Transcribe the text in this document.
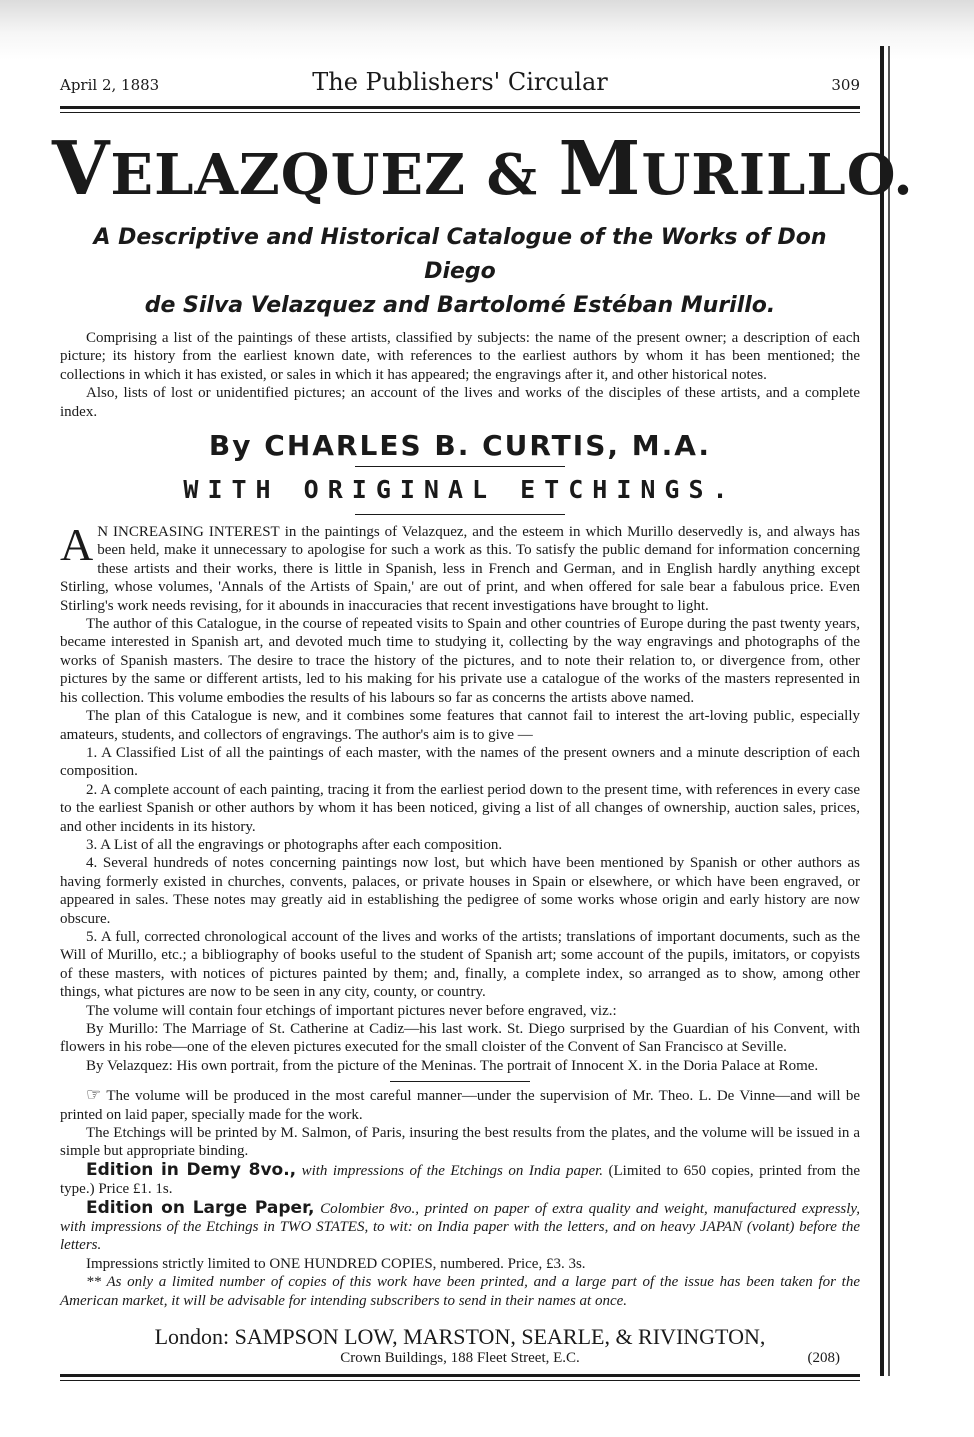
April 2, 1883	The Publishers' Circular	309
VELAZQUEZ & MURILLO.
A Descriptive and Historical Catalogue of the Works of Don Diego
de Silva Velazquez and Bartolomé Estéban Murillo.

Comprising a list of the paintings of these artists, classified by subjects: the name of the present owner; a description of each picture; its history from the earliest known date, with references to the earliest authors by whom it has been mentioned; the collections in which it has existed, or sales in which it has appeared; the engravings after it, and other historical notes.

Also, lists of lost or unidentified pictures; an account of the lives and works of the disciples of these artists, and a complete index.

By CHARLES B. CURTIS, M.A.
WITH ORIGINAL ETCHINGS.

A N INCREASING INTEREST in the paintings of Velazquez, and the esteem in which Murillo deservedly is, and always has been held, make it unnecessary to apologise for such a work as this. To satisfy the public demand for information concerning these artists and their works, there is little in Spanish, less in French and German, and in English hardly anything except Stirling, whose volumes, 'Annals of the Artists of Spain,' are out of print, and when offered for sale bear a fabulous price. Even Stirling's work needs revising, for it abounds in inaccuracies that recent investigations have brought to light.

The author of this Catalogue, in the course of repeated visits to Spain and other countries of Europe during the past twenty years, became interested in Spanish art, and devoted much time to studying it, collecting by the way engravings and photographs of the works of Spanish masters. The desire to trace the history of the pictures, and to note their relation to, or divergence from, other pictures by the same or different artists, led to his making for his private use a catalogue of the works of the masters represented in his collection. This volume embodies the results of his labours so far as concerns the artists above named.

The plan of this Catalogue is new, and it combines some features that cannot fail to interest the art-loving public, especially amateurs, students, and collectors of engravings. The author's aim is to give —

1. A Classified List of all the paintings of each master, with the names of the present owners and a minute description of each composition.

2. A complete account of each painting, tracing it from the earliest period down to the present time, with references in every case to the earliest Spanish or other authors by whom it has been noticed, giving a list of all changes of ownership, auction sales, prices, and other incidents in its history.

3. A List of all the engravings or photographs after each composition.

4. Several hundreds of notes concerning paintings now lost, but which have been mentioned by Spanish or other authors as having formerly existed in churches, convents, palaces, or private houses in Spain or elsewhere, or which have been engraved, or appeared in sales. These notes may greatly aid in establishing the pedigree of some works whose origin and early history are now obscure.

5. A full, corrected chronological account of the lives and works of the artists; translations of important documents, such as the Will of Murillo, etc.; a bibliography of books useful to the student of Spanish art; some account of the pupils, imitators, or copyists of these masters, with notices of pictures painted by them; and, finally, a complete index, so arranged as to show, among other things, what pictures are now to be seen in any city, county, or country.

The volume will contain four etchings of important pictures never before engraved, viz.:

By Murillo: The Marriage of St. Catherine at Cadiz—his last work. St. Diego surprised by the Guardian of his Convent, with flowers in his robe—one of the eleven pictures executed for the small cloister of the Convent of San Francisco at Seville.

By Velazquez: His own portrait, from the picture of the Meninas. The portrait of Innocent X. in the Doria Palace at Rome.

☞ The volume will be produced in the most careful manner—under the supervision of Mr. Theo. L. De Vinne—and will be printed on laid paper, specially made for the work.

The Etchings will be printed by M. Salmon, of Paris, insuring the best results from the plates, and the volume will be issued in a simple but appropriate binding.

Edition in Demy 8vo., with impressions of the Etchings on India paper. (Limited to 650 copies, printed from the type.) Price £1. 1s.

Edition on Large Paper, Colombier 8vo., printed on paper of extra quality and weight, manufactured expressly, with impressions of the Etchings in TWO STATES, to wit: on India paper with the letters, and on heavy JAPAN (volant) before the letters.

Impressions strictly limited to ONE HUNDRED COPIES, numbered. Price, £3. 3s.

** As only a limited number of copies of this work have been printed, and a large part of the issue has been taken for the American market, it will be advisable for intending subscribers to send in their names at once.

London: SAMPSON LOW, MARSTON, SEARLE, & RIVINGTON,
Crown Buildings, 188 Fleet Street, E.C.	(208)
